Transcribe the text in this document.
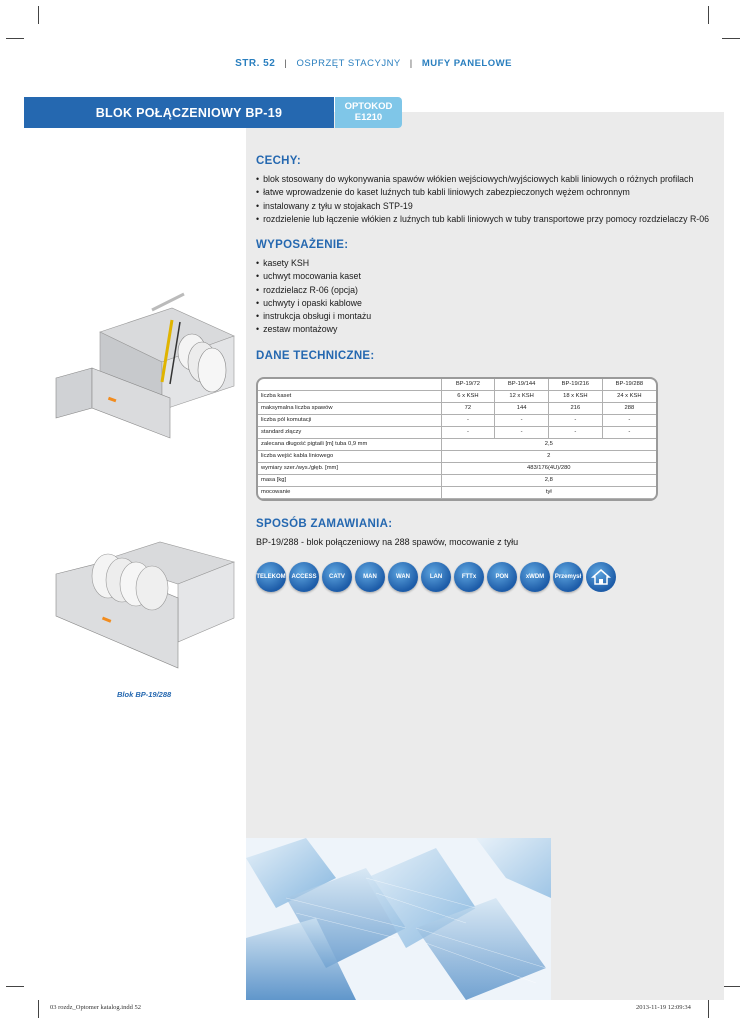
STR. 52 | OSPRZĘT STACYJNY | MUFY PANELOWE
BLOK POŁĄCZENIOWY BP-19	OPTOKOD
E1210
Blok BP-19/288
CECHY:
• blok stosowany do wykonywania spawów włókien wejściowych/wyjściowych kabli liniowych o różnych profilach
• łatwe wprowadzenie do kaset luźnych tub kabli liniowych zabezpieczonych wężem ochronnym
• instalowany z tyłu w stojakach STP-19
• rozdzielenie lub łączenie włókien z luźnych tub kabli liniowych w tuby transportowe przy pomocy rozdzielaczy R-06
WYPOSAŻENIE:
• kasety KSH
• uchwyt mocowania kaset
• rozdzielacz R-06 (opcja)
• uchwyty i opaski kablowe
• instrukcja obsługi i montażu
• zestaw montażowy
DANE TECHNICZNE:
	BP-19/72	BP-19/144	BP-19/216	BP-19/288
liczba kaset	6 x KSH	12 x KSH	18 x KSH	24 x KSH
maksymalna liczba spawów	72	144	216	288
liczba pól komutacji	-	-	-	-
standard złączy	-	-	-	-
zalecana długość pigtaili [m] tuba 0,9 mm	2,5			
liczba wejść kabla liniowego	2			
wymiary szer./wys./głęb. [mm]	483/176(4U)/280			
masa [kg]	2,8			
mocowanie	tył			
SPOSÓB ZAMAWIANIA:
BP-19/288 - blok połączeniowy na 288 spawów, mocowanie z tyłu
TELEKOM ACCESS	CATV	MAN	WAN	LAN	FTTx	PON	xWDM	Przemysł
03 rozdz_Optomer katalog.indd 52	2013-11-19 12:09:34
